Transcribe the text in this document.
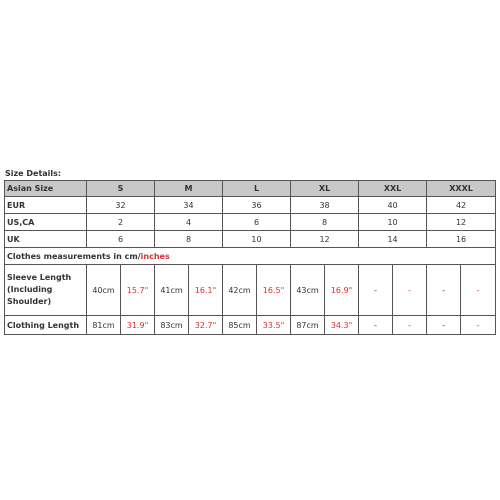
Size Details:
Asian Size	S		M		L		XL		XXL		XXXL	
EUR	32		34		36		38		40		42	
US,CA	2		4		6		8		10		12	
UK	6		8		10		12		14		16	
Clothes measurements in cm/inches												
Sleeve Length (Including Shoulder)	40cm	15.7"	41cm	16.1"	42cm	16.5"	43cm	16.9"	-	-	-	-
Clothing Length	81cm	31.9"	83cm	32.7"	85cm	33.5"	87cm	34.3"	-	-	-	-
